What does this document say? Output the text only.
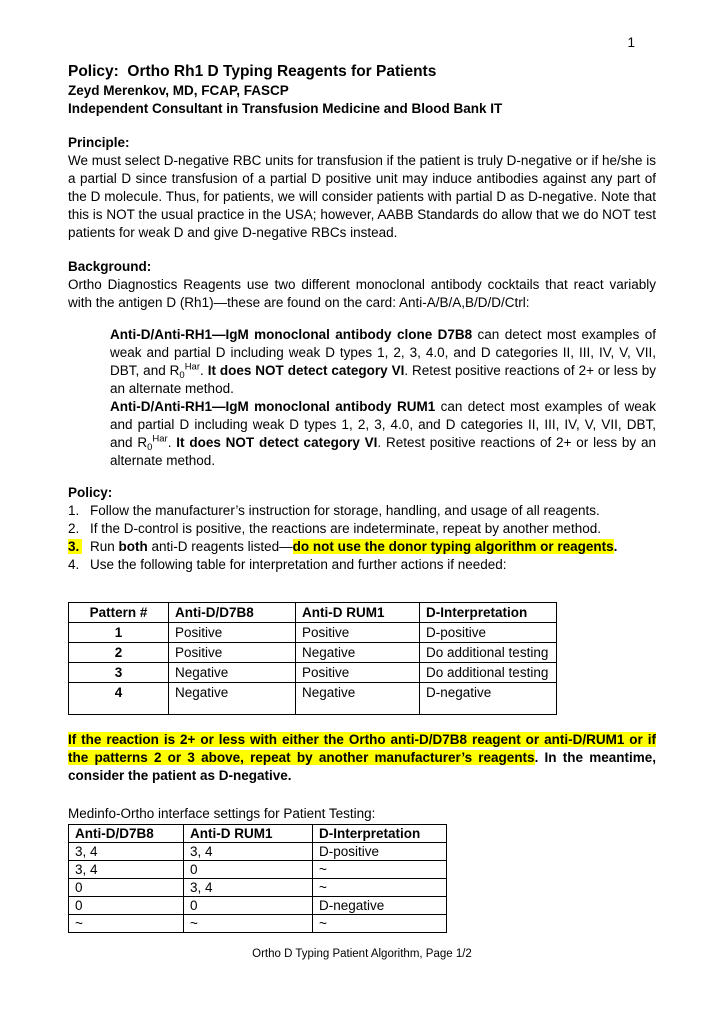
1
Policy:  Ortho Rh1 D Typing Reagents for Patients
Zeyd Merenkov, MD, FCAP, FASCP
Independent Consultant in Transfusion Medicine and Blood Bank IT
Principle:

We must select D-negative RBC units for transfusion if the patient is truly D-negative or if he/she is a partial D since transfusion of a partial D positive unit may induce antibodies against any part of the D molecule. Thus, for patients, we will consider patients with partial D as D-negative. Note that this is NOT the usual practice in the USA; however, AABB Standards do allow that we do NOT test patients for weak D and give D-negative RBCs instead.

Background:

Ortho Diagnostics Reagents use two different monoclonal antibody cocktails that react variably with the antigen D (Rh1)—these are found on the card: Anti-A/B/A,B/D/D/Ctrl:

Anti-D/Anti-RH1—IgM monoclonal antibody clone D7B8 can detect most examples of weak and partial D including weak D types 1, 2, 3, 4.0, and D categories II, III, IV, V, VII, DBT, and $R_0^{Har}$. It does NOT detect category VI. Retest positive reactions of 2+ or less by an alternate method.

Anti-D/Anti-RH1—IgM monoclonal antibody RUM1 can detect most examples of weak and partial D including weak D types 1, 2, 3, 4.0, and D categories II, III, IV, V, VII, DBT, and $R_0^{Har}$. It does NOT detect category VI. Retest positive reactions of 2+ or less by an alternate method.

Policy:
1. Follow the manufacturer’s instruction for storage, handling, and usage of all reagents.
2. If the D-control is positive, the reactions are indeterminate, repeat by another method.
3. Run both anti-D reagents listed—do not use the donor typing algorithm or reagents.
4. Use the following table for interpretation and further actions if needed:
Pattern #	Anti-D/D7B8	Anti-D RUM1	D-Interpretation
1	Positive	Positive	D-positive
2	Positive	Negative	Do additional testing
3	Negative	Positive	Do additional testing
4	Negative	Negative	D-negative

If the reaction is 2+ or less with either the Ortho anti-D/D7B8 reagent or anti-D/RUM1 or if the patterns 2 or 3 above, repeat by another manufacturer’s reagents. In the meantime, consider the patient as D-negative.

Medinfo-Ortho interface settings for Patient Testing:
Anti-D/D7B8	Anti-D RUM1	D-Interpretation
3, 4	3, 4	D-positive
3, 4	0	~
0	3, 4	~
0	0	D-negative
~	~	~
Ortho D Typing Patient Algorithm, Page 1/2
